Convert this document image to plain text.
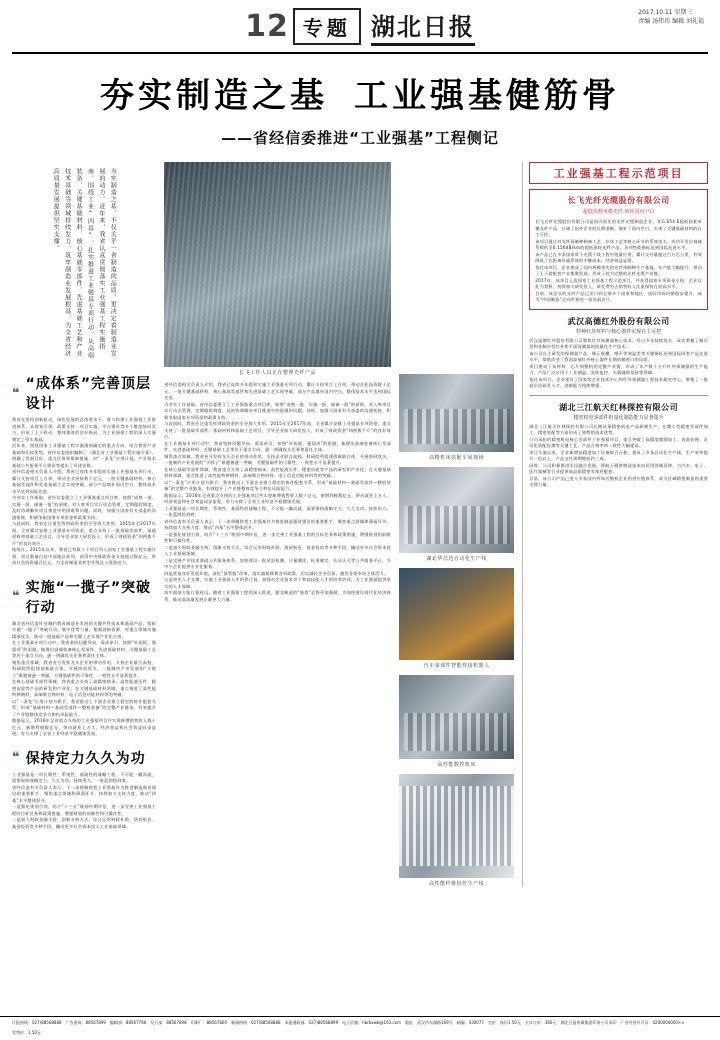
12 专题 湖北日报	2017.10.11 星期三
责编 汤炜玮 编辑 刘礼福
夯实制造之基 工业强基健筋骨
——省经信委推进“工业强基”工程侧记
夯实制造之基，不仅关乎一省制造的品质，更决定着制造业发展的动力。近年来，我省认真贯彻落实工业强基工程实施指南，围绕工业“四基”，扎实推进工业强基专项行动，从高端装备、关键基础材料、核心基础零部件、先进基础工艺和产业技术基础等领域持续发力，筑牢制造业发展根基，为全省经济高质量发展提供坚实支撑。
❝
“成体系”完善顶层设计
我省在坚持创新驱动、绿色发展的总体要求下，着力构建工业强基工作推进体系，从规划引领、政策支持、项目实施、平台建设等多个维度协同发力，形成了上下联动、整体推进的良好格局，为工业强基工程的深入实施奠定了坚实基础。
近年来，围绕国家工业强基工程实施指南确定的重点方向，结合我省产业基础和比较优势，省经信委组织编制了《湖北省工业强基工程实施方案》，明确了发展目标、重点任务和保障措施，对“一条龙”应用计划、产业技术基础公共服务平台建设等提出了具体安排。
省经信委相关负责人介绍，我省已连续多年组织实施工业强基专项行动，累计支持项目上百项，带动企业投资数十亿元，一批关键基础材料、核心基础零部件和先进基础工艺实现突破，部分产品填补国内空白，整体技术水平达到国际先进。
为夯实工作基础，省经信委建立了工业强基重点项目库，按照“成熟一批、实施一批、储备一批”的原则，对入库项目实行动态管理，定期跟踪调度，及时协调解决项目推进中的困难和问题。同时，加强与国家有关部委的沟通衔接，积极争取国家专项资金和政策支持。
与此同时，我省还注重发挥财政资金的引导放大作用。2015年至2017年间，全省累计安排工业强基专项资金，重点支持了一批基础零部件、基础材料和基础工艺项目，引导企业加大研发投入，形成了财政资金“四两拨千斤”的良好效应。
据统计，2015年以来，我省已有数十个项目列入国家工业强基工程实施计划，项目数量位居中部地区前列，获得中央财政资金支持超过数亿元，带动社会投资逾百亿元，为全省制造业转型升级注入强劲动力。
❝
实施“一揽子”突破行动
湖北省经信委针对制约我省制造业发展的关键共性技术和基础产品，组织实施“一揽子”突破行动，集中优势力量、集聚创新资源，对重点领域实施精准攻关，推动一批基础产品和关键工艺实现产业化应用。
在工业强基专项行动中，我省坚持问题导向、需求牵引，按照“补短板、强弱项”的思路，梳理出高端装备核心零部件、先进基础材料、关键基础工艺等若干重点方向，逐一明确攻关任务和责任主体。
聚焦重点领域，我省充分发挥龙头企业的带动作用，支持企业联合高校、科研院所组建创新联合体，开展协同攻关。一批制约产业发展的“卡脖子”难题被逐一突破，关键基础件的可靠性、一致性水平显著提升。
在核心基础零部件领域，我省重点支持了高精密轴承、高性能液压件、精密齿轮等产品的研发和产业化；在关键基础材料领域，重点推进了高性能特种钢材、高端聚合物材料、电子信息功能材料等的突破。
以“一条龙”应用计划为抓手，我省推动上下游企业建立稳定的协作配套关系，形成“基础材料—基础零部件—整机装备”的完整产业链条，有效提升了产业链整体竞争力和抗风险能力。
数据显示，2016年全省重点支持的工业强基项目共实现新增销售收入数十亿元，新增利税数亿元，带动就业上万人，经济效益和社会效益同步显现，有力支撑了全省工业经济平稳健康发展。
❝ 保持定力久久为功
工业强基是一项长期性、系统性、基础性的战略工程，不可能一蹴而就，需要保持战略定力，久久为功，持续用力，一张蓝图绘到底。
省经信委有关负责人表示，下一步将继续把工业强基作为推进制造强省建设的重要抓手，聚焦重点领域和薄弱环节，持续加大支持力度，推动“四基”水平整体跃升。
一是强化规划引领，结合“十三五”规划中期评估，进一步完善工业强基工程的目标任务和政策措施，增强规划的前瞻性和可操作性。
二是加大财政金融支持，创新支持方式，综合运用财政补助、贷款贴息、基金投资等多种手段，撬动更多社会资本投入工业基础领域。
长飞工作人员正在整理光纤产品
省经信委相关负责人介绍，我省已连续多年组织实施工业强基专项行动，累计支持项目上百项，带动企业投资数十亿元，一批关键基础材料、核心基础零部件和先进基础工艺实现突破，部分产品填补国内空白，整体技术水平达到国际先进。
为夯实工作基础，省经信委建立了工业强基重点项目库，按照“成熟一批、实施一批、储备一批”的原则，对入库项目实行动态管理，定期跟踪调度，及时协调解决项目推进中的困难和问题。同时，加强与国家有关部委的沟通衔接，积极争取国家专项资金和政策支持。
与此同时，我省还注重发挥财政资金的引导放大作用。2015年至2017年间，全省累计安排工业强基专项资金，重点支持了一批基础零部件、基础材料和基础工艺项目，引导企业加大研发投入，形成了财政资金“四两拨千斤”的良好效应。
在工业强基专项行动中，我省坚持问题导向、需求牵引，按照“补短板、强弱项”的思路，梳理出高端装备核心零部件、先进基础材料、关键基础工艺等若干重点方向，逐一明确攻关任务和责任主体。
聚焦重点领域，我省充分发挥龙头企业的带动作用，支持企业联合高校、科研院所组建创新联合体，开展协同攻关。一批制约产业发展的“卡脖子”难题被逐一突破，关键基础件的可靠性、一致性水平显著提升。
在核心基础零部件领域，我省重点支持了高精密轴承、高性能液压件、精密齿轮等产品的研发和产业化；在关键基础材料领域，重点推进了高性能特种钢材、高端聚合物材料、电子信息功能材料等的突破。
以“一条龙”应用计划为抓手，我省推动上下游企业建立稳定的协作配套关系，形成“基础材料—基础零部件—整机装备”的完整产业链条，有效提升了产业链整体竞争力和抗风险能力。
数据显示，2016年全省重点支持的工业强基项目共实现新增销售收入数十亿元，新增利税数亿元，带动就业上万人，经济效益和社会效益同步显现，有力支撑了全省工业经济平稳健康发展。
工业强基是一项长期性、系统性、基础性的战略工程，不可能一蹴而就，需要保持战略定力，久久为功，持续用力，一张蓝图绘到底。
省经信委有关负责人表示，下一步将继续把工业强基作为推进制造强省建设的重要抓手，聚焦重点领域和薄弱环节，持续加大支持力度，推动“四基”水平整体跃升。
一是强化规划引领，结合“十三五”规划中期评估，进一步完善工业强基工程的目标任务和政策措施，增强规划的前瞻性和可操作性。
二是加大财政金融支持，创新支持方式，综合运用财政补助、贷款贴息、基金投资等多种手段，撬动更多社会资本投入工业基础领域。
三是完善产业技术基础公共服务体系，加快建设一批试验检测、计量测试、标准制定、认证认可等公共服务平台，为中小企业提供专业化服务。
四是营造良好发展环境，深化“放管服”改革，落实减税降费各项政策，切实减轻企业负担，激发各类市场主体活力。
五是突出人才支撑，实施工业强基人才培养计划，加强对企业技术骨干和高技能人才的培养培训，为工业强基提供坚实的人才保障。
筑牢根基方能行稳致远。随着工业强基工程的深入推进，湖北制造的“筋骨”必将更加强健，为加快建设现代化经济体系、推动高质量发展贡献更大力量。
高精机床装配车间现场
湖北华昌达自动化生产线
汽车零部件智能焊接机器人
高性能数控机床
高性能纤维纺丝生产线
工业强基工程示范项目
长飞光纤光缆股份有限公司
超低损耗单模光纤 填补国内空白
长飞光纤光缆股份有限公司是国内领先的光纤光缆制造企业，其G.654.E超低损耗单模光纤产品，打破了国外企业的长期垄断，填补了国内空白，实现了关键基础材料的自主可控。
该项目通过对光纤预制棒制备工艺、拉丝工艺等核心环节的系统攻关，成功开发出衰减系数低至0.156dB/km的超低损耗光纤产品，各项性能指标达到国际先进水平。
该产品已在多条国家骨干光缆干线工程中批量应用，累计交付量超过百万芯公里，有效降低了长距离传输系统的中继成本，经济效益显著。
依托该项目，企业建成了国内规模领先的光纤预制棒生产基地，年产能大幅提升，带动了上下游配套产业集聚发展，形成了较为完整的光纤光缆产业链。
2017年，该项目入选国家工业强基工程示范项目，并获得国家专项资金支持。企业以此为契机，持续加大研发投入，研发费用占销售收入比重保持在较高水平。
目前，该企业的光纤产品已出口到全球多个国家和地区，国际市场份额稳步提升，成为“中国制造”走向世界的一张亮丽名片。
武汉高德红外股份有限公司
特种红外材料与核心器件实现自主可控
武汉高德红外股份有限公司聚焦红外探测器核心技术，经过多年持续攻关，成功掌握了制冷型和非制冷型红外焦平面探测器的批量化生产技术。
该公司自主研发的探测器产品，像元规模、噪声等效温差等关键指标达到国际同类产品先进水平，彻底改变了我国高端红外核心器件长期依赖进口的局面。
项目建成了从材料、芯片到整机的完整产业链，形成了年产数十万只红外探测器的生产能力，产品广泛应用于工业测温、安防监控、车载辅助驾驶等领域。
依托该项目，企业建设了国家级企业技术中心和红外探测器工程技术研究中心，聚集了一批高层次研发人才，创新能力持续增强。
湖北三江航天红林探控有限公司
精密机电零部件批量化制造能力显著提升
湖北三江航天红林探控有限公司长期从事精密机电产品研制生产，在微小型精密零部件加工、精密装配等方面形成了独特的技术优势。
公司承担的精密机电核心零部件工业强基项目，重点突破了高精度微细加工、表面处理、自动化装配检测等关键工艺，产品合格率和一致性大幅提高。
项目实施以来，企业新增高精度加工设备数百台套，建成了多条自动化生产线，生产效率提升一倍以上，产品交付周期缩短约三成。
同时，公司积极推进军民融合发展，将航天精密制造技术向民用领域延伸，为汽车、电子、医疗器械等行业提供高品质精密零部件配套。
目前，该公司产品已进入多家国内外知名整机企业的供应链体系，成为区域精密制造的重要支撑力量。
订报热线：027)88568888 广告垂询：88567899 编辑部：88567766 发行部：88567898 印刷厂：88567800 新闻热线：027)88568888 本报通联部：027)88568899 电子信箱：hbrbxwb@163.com 地址：武汉市东湖路169号 邮编：430077 定价：每份1.50元 全年订价：360元 湖北日报传媒集团印务公司承印 广告经营许可证：4200004000××
零售价：1.50元
